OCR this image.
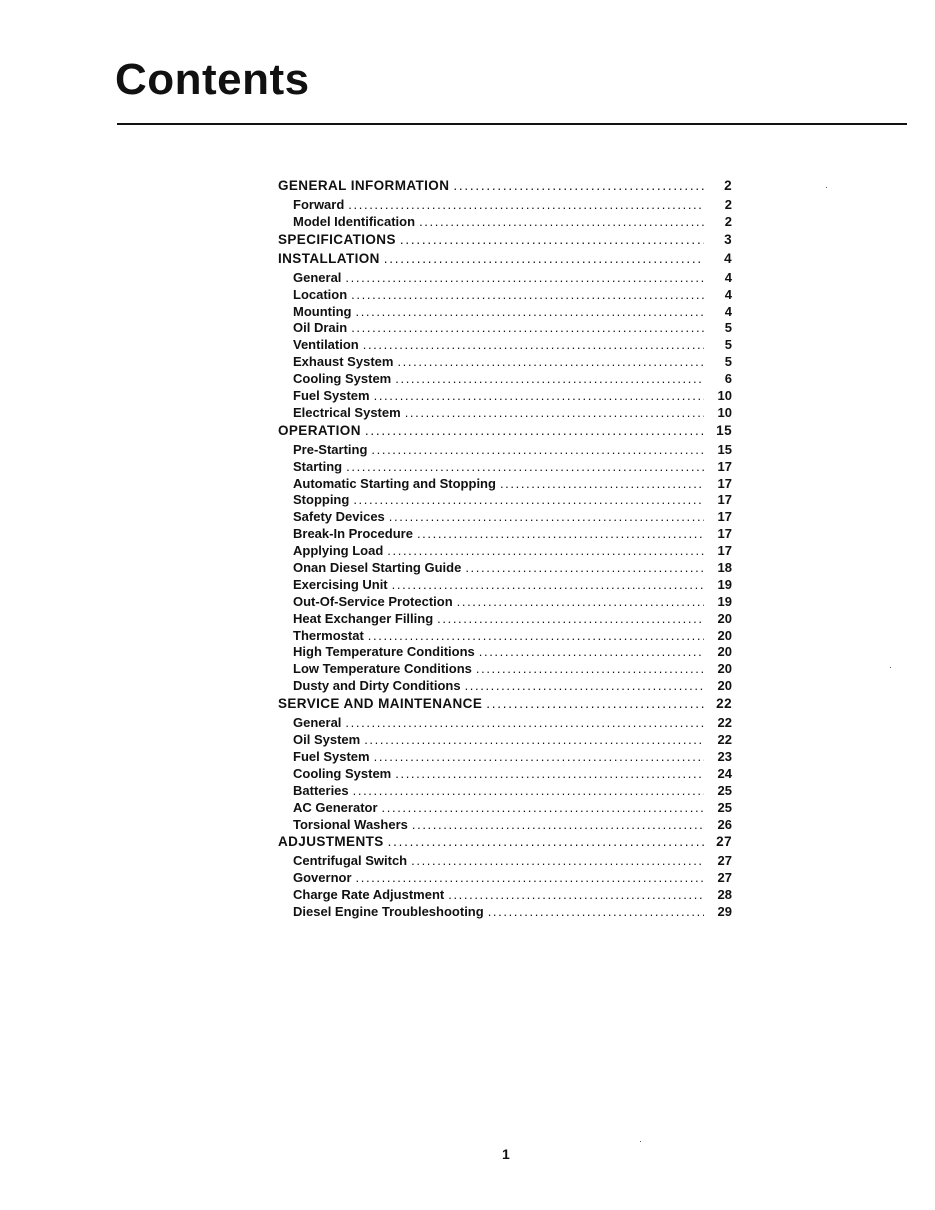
Contents
GENERAL INFORMATION . . .	2
Forward . . .	2
Model Identification . . .	2
SPECIFICATIONS . . .	3
INSTALLATION . . .	4
General . . .	4
Location . . .	4
Mounting . . .	4
Oil Drain . . .	5
Ventilation . . .	5
Exhaust System . . .	5
Cooling System . . .	6
Fuel System . . .	10
Electrical System . . .	10
OPERATION . . .	15
Pre-Starting . . .	15
Starting . . .	17
Automatic Starting and Stopping . . .	17
Stopping . . .	17
Safety Devices . . .	17
Break-In Procedure . . .	17
Applying Load . . .	17
Onan Diesel Starting Guide . . .	18
Exercising Unit . . .	19
Out-Of-Service Protection . . .	19
Heat Exchanger Filling . . .	20
Thermostat . . .	20
High Temperature Conditions . . .	20
Low Temperature Conditions . . .	20
Dusty and Dirty Conditions . . .	20
SERVICE AND MAINTENANCE . . .	22
General . . .	22
Oil System . . .	22
Fuel System . . .	23
Cooling System . . .	24
Batteries . . .	25
AC Generator . . .	25
Torsional Washers . . .	26
ADJUSTMENTS . . .	27
Centrifugal Switch . . .	27
Governor . . .	27
Charge Rate Adjustment . . .	28
Diesel Engine Troubleshooting . . .	29
1
